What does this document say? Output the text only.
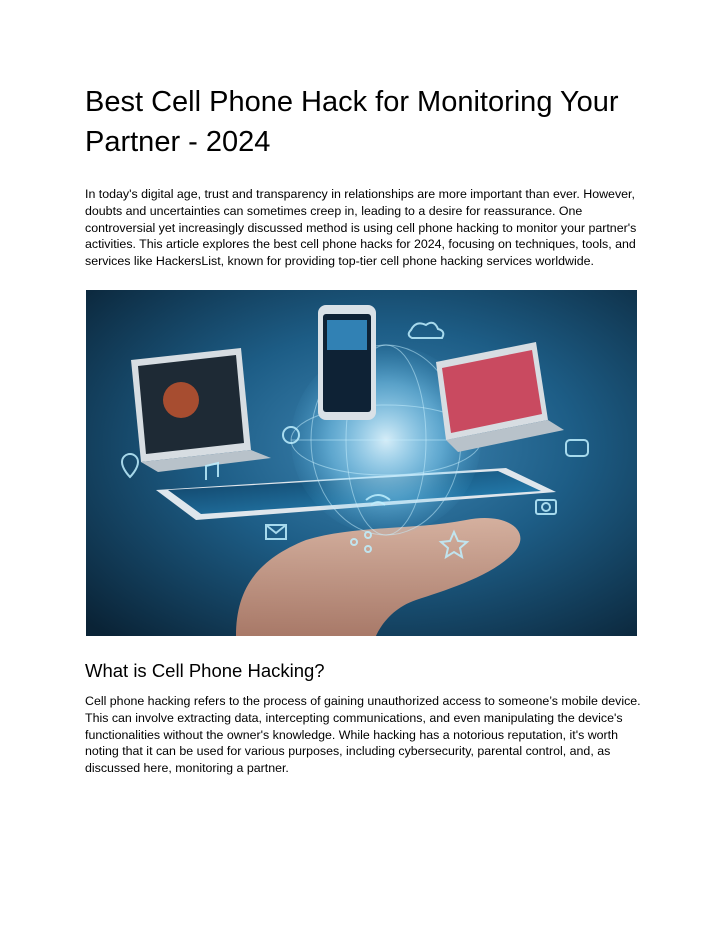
Best Cell Phone Hack for Monitoring Your Partner - 2024

In today's digital age, trust and transparency in relationships are more important than ever. However, doubts and uncertainties can sometimes creep in, leading to a desire for reassurance. One controversial yet increasingly discussed method is using cell phone hacking to monitor your partner's activities. This article explores the best cell phone hacks for 2024, focusing on techniques, tools, and services like HackersList, known for providing top-tier cell phone hacking services worldwide.

What is Cell Phone Hacking?

Cell phone hacking refers to the process of gaining unauthorized access to someone’s mobile device. This can involve extracting data, intercepting communications, and even manipulating the device's functionalities without the owner's knowledge. While hacking has a notorious reputation, it's worth noting that it can be used for various purposes, including cybersecurity, parental control, and, as discussed here, monitoring a partner.
